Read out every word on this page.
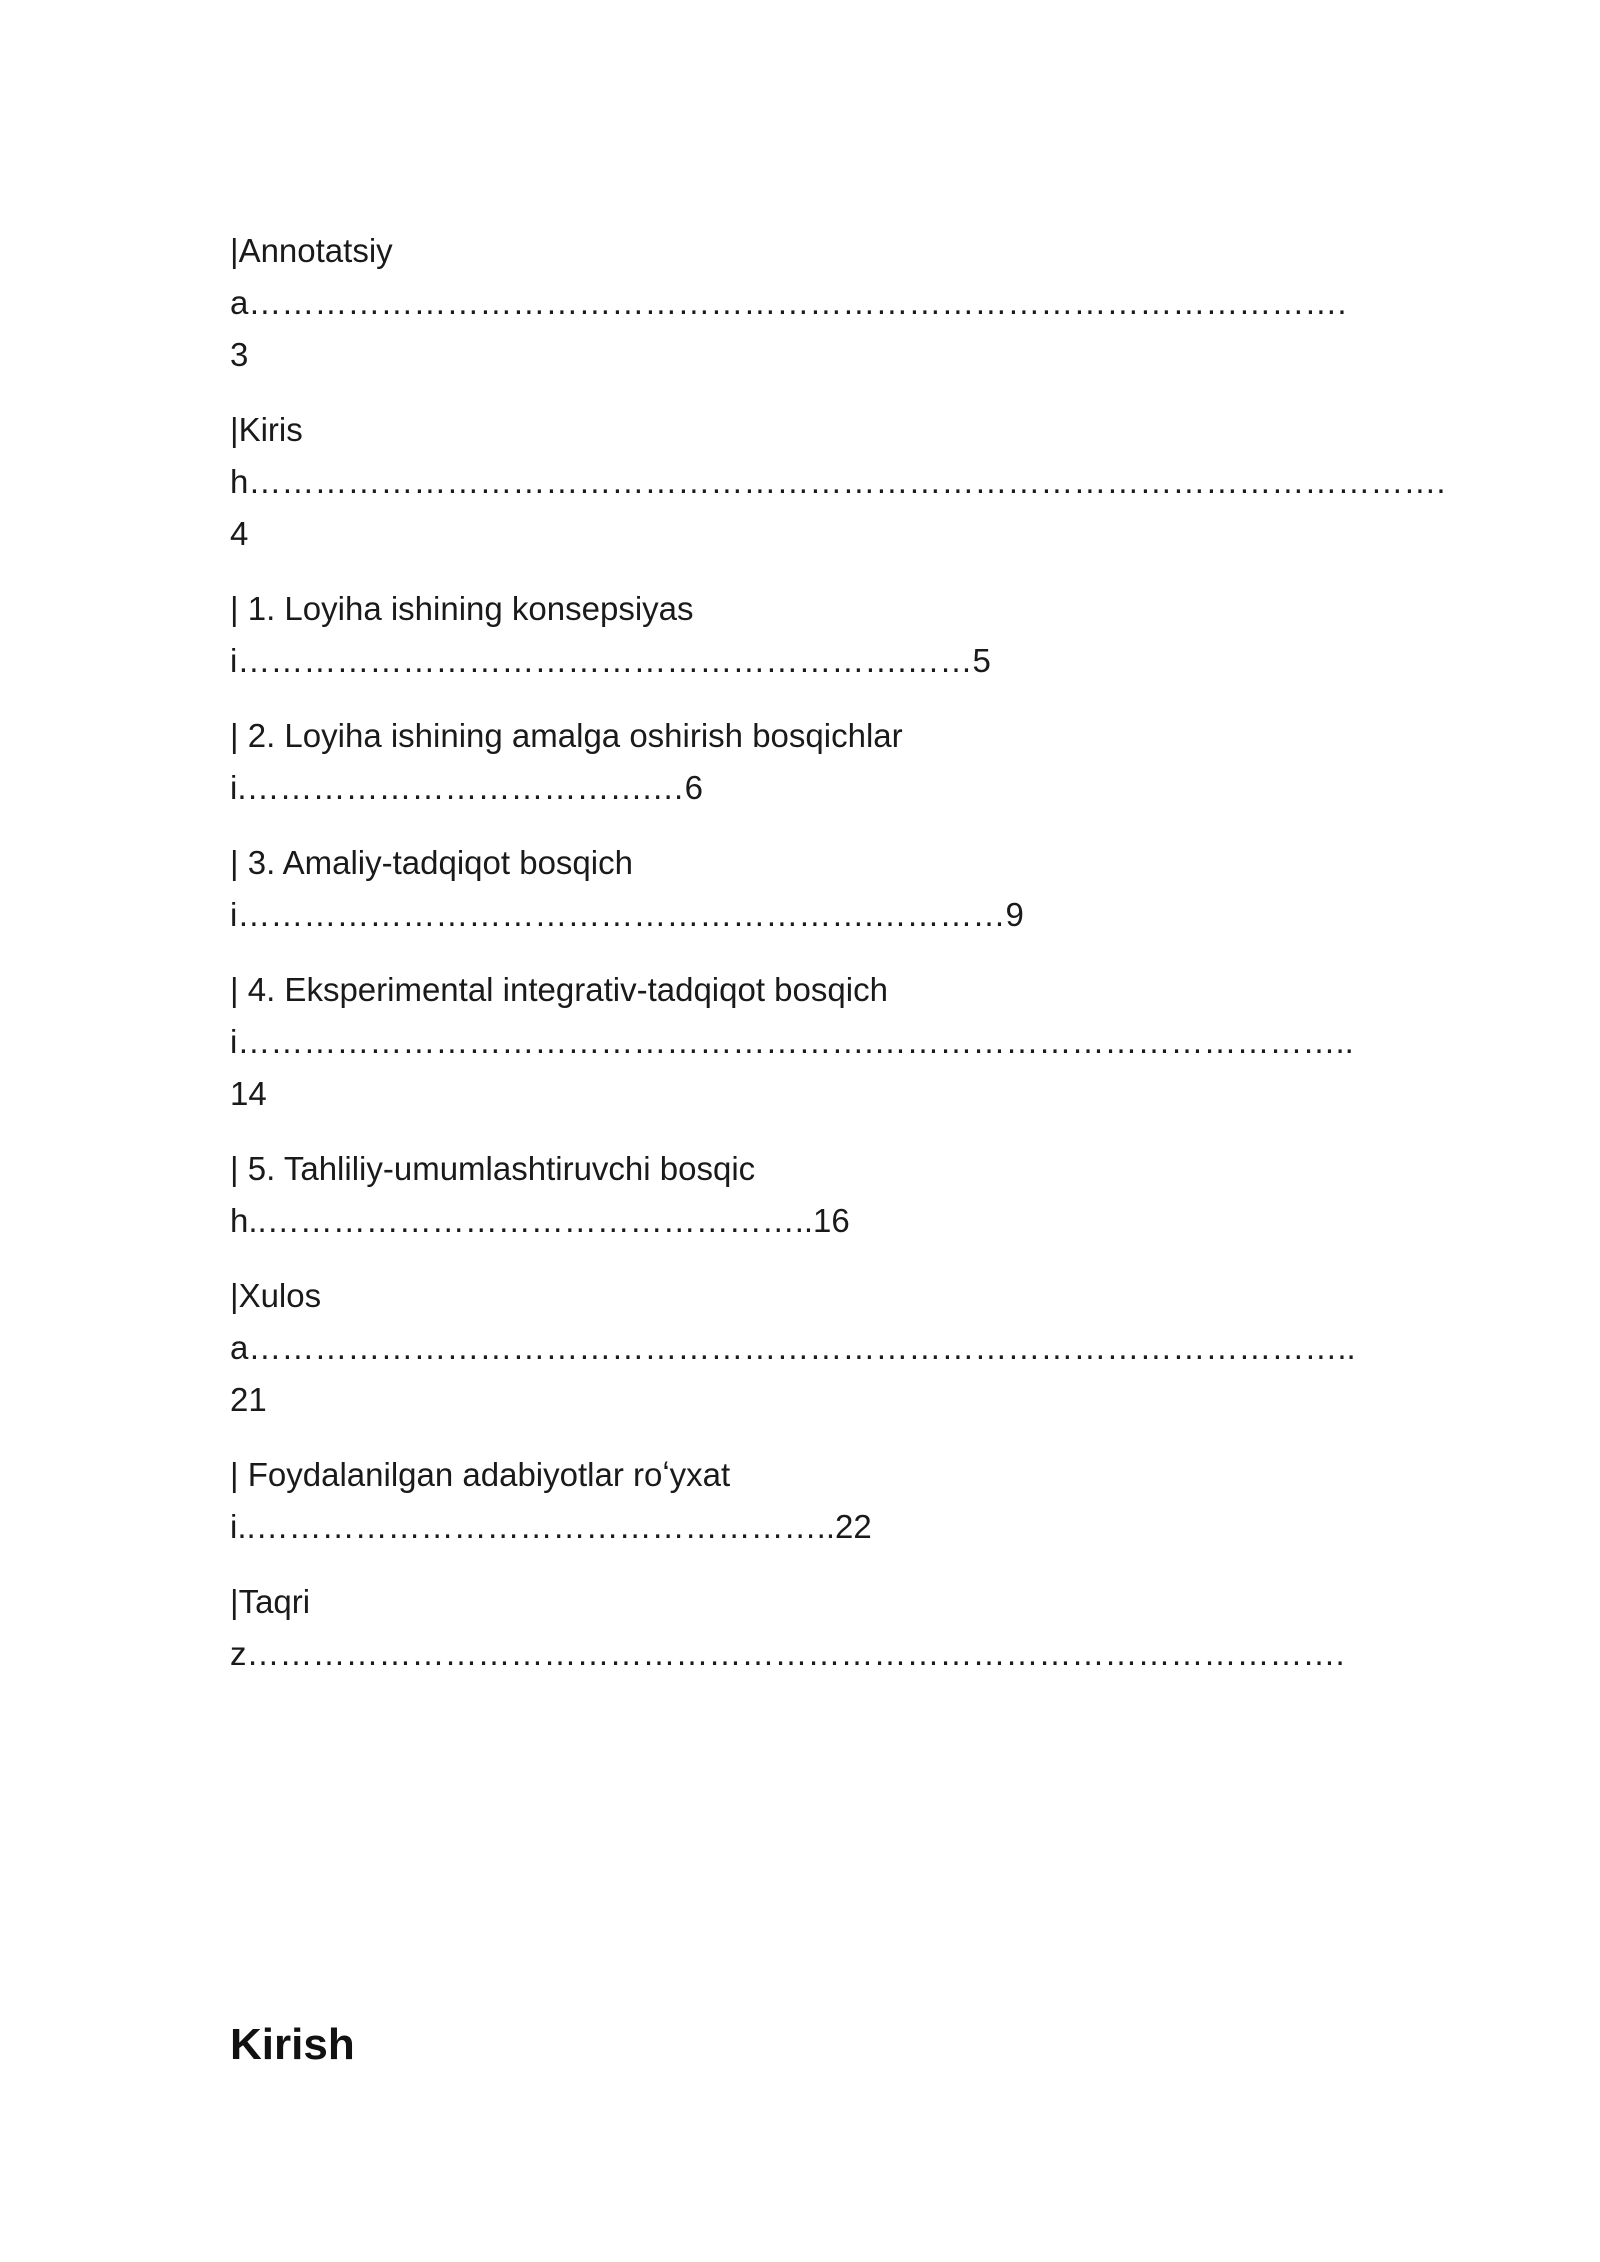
|Annotatsiya……………………………………………………………………………………….3
|Kirish……………………………………………………………………………………………….4
| 1. Loyiha ishining konsepsiyasi…………………………………………………….……5
| 2. Loyiha ishining amalga oshirish bosqichlari.……………………………….…6
| 3. Amaliy-tadqiqot bosqichi………………………………………………….…………9
| 4. Eksperimental integrativ-tadqiqot bosqichi………………………………………………….……………………………………..14
| 5. Tahliliy-umumlashtiruvchi bosqich..…………………………………………..16
|Xulosa………………………………………………………………………………………..21
| Foydalanilgan adabiyotlar roʻyxati..……………………………………………..22
|Taqriz……………………………………………………………………………………….
Kirish
